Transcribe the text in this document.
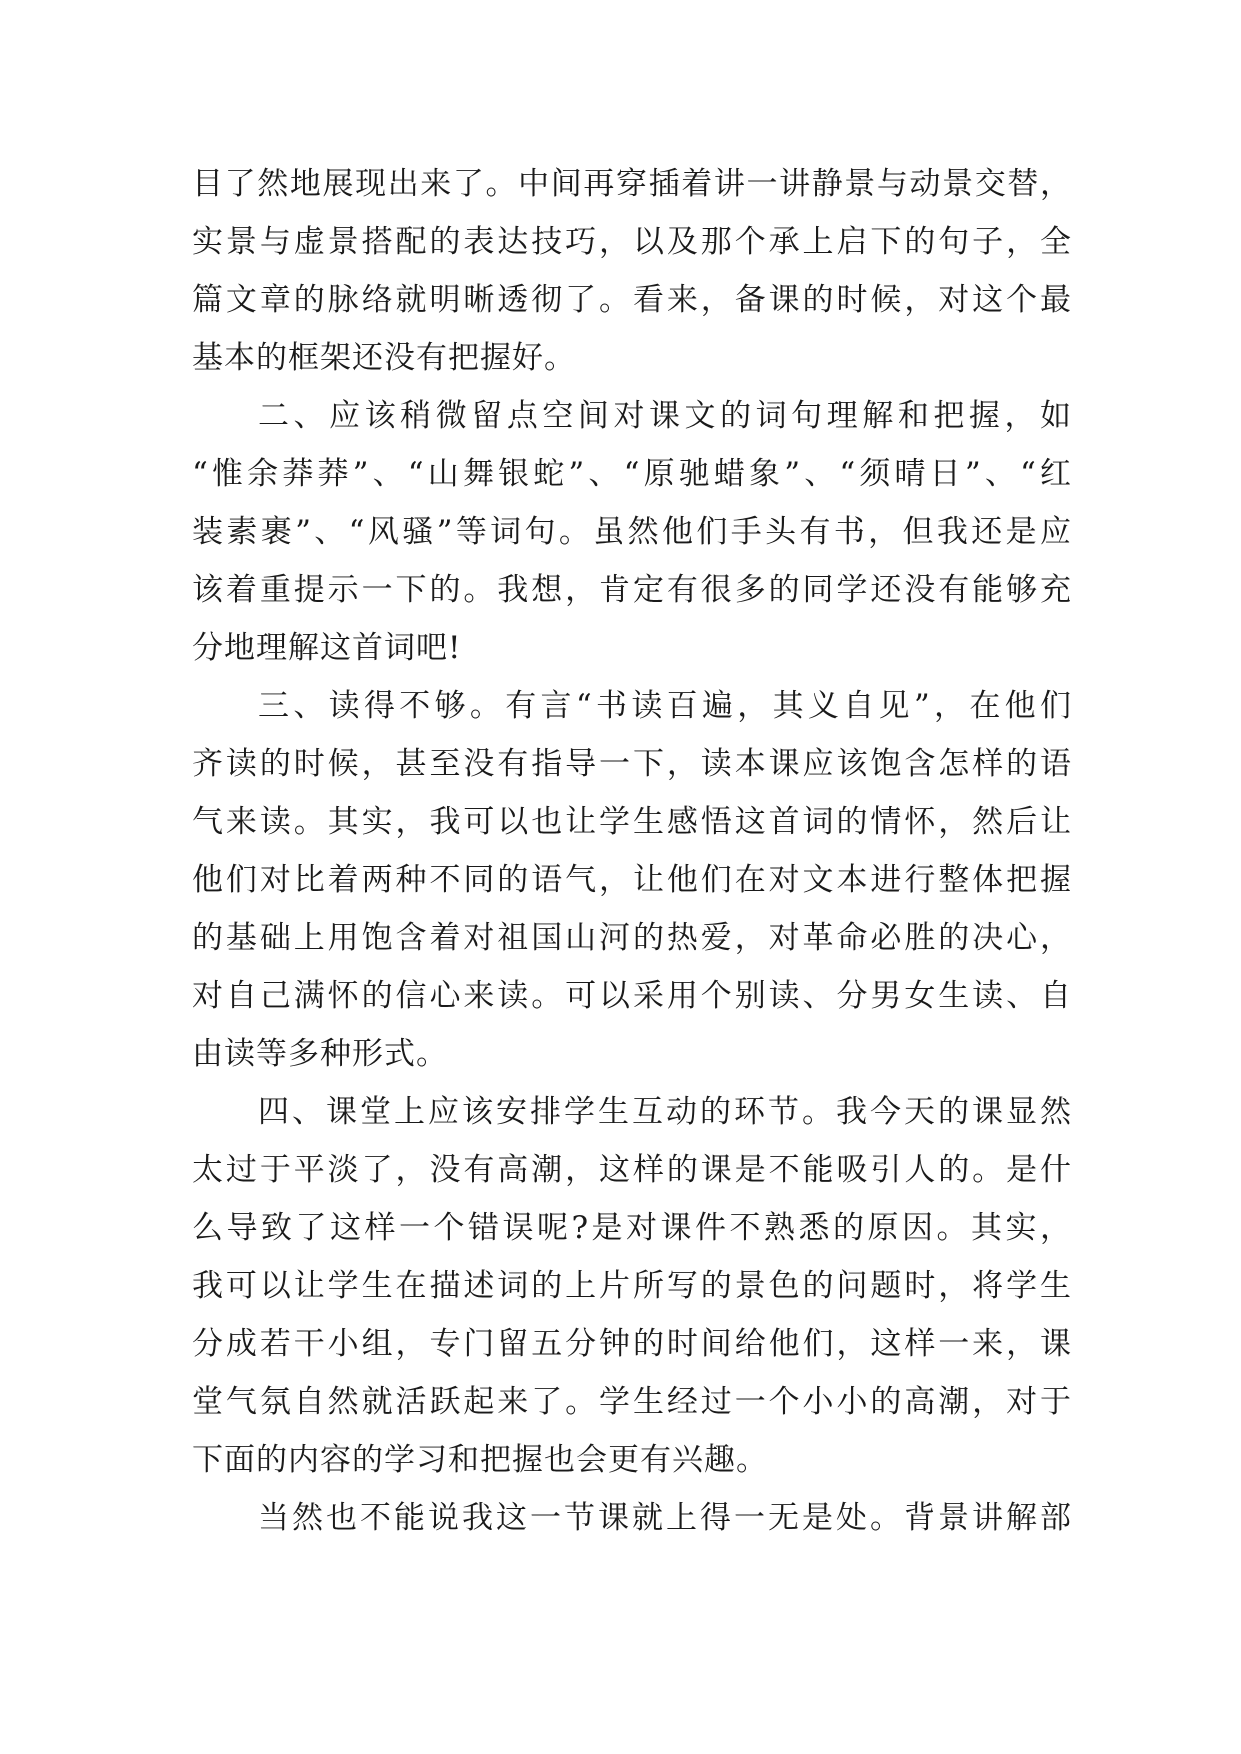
目了然地展现出来了。中间再穿插着讲一讲静景与动景交替，
实景与虚景搭配的表达技巧，以及那个承上启下的句子，全
篇文章的脉络就明晰透彻了。看来，备课的时候，对这个最
基本的框架还没有把握好。
二、应该稍微留点空间对课文的词句理解和把握，如
“惟余莽莽”、“山舞银蛇”、“原驰蜡象”、“须晴日”、“红
装素裹”、“风骚”等词句。虽然他们手头有书，但我还是应
该着重提示一下的。我想，肯定有很多的同学还没有能够充
分地理解这首词吧!
三、读得不够。有言“书读百遍，其义自见”，在他们
齐读的时候，甚至没有指导一下，读本课应该饱含怎样的语
气来读。其实，我可以也让学生感悟这首词的情怀，然后让
他们对比着两种不同的语气，让他们在对文本进行整体把握
的基础上用饱含着对祖国山河的热爱，对革命必胜的决心，
对自己满怀的信心来读。可以采用个别读、分男女生读、自
由读等多种形式。
四、课堂上应该安排学生互动的环节。我今天的课显然
太过于平淡了，没有高潮，这样的课是不能吸引人的。是什
么导致了这样一个错误呢?是对课件不熟悉的原因。其实，
我可以让学生在描述词的上片所写的景色的问题时，将学生
分成若干小组，专门留五分钟的时间给他们，这样一来，课
堂气氛自然就活跃起来了。学生经过一个小小的高潮，对于
下面的内容的学习和把握也会更有兴趣。
当然也不能说我这一节课就上得一无是处。背景讲解部
